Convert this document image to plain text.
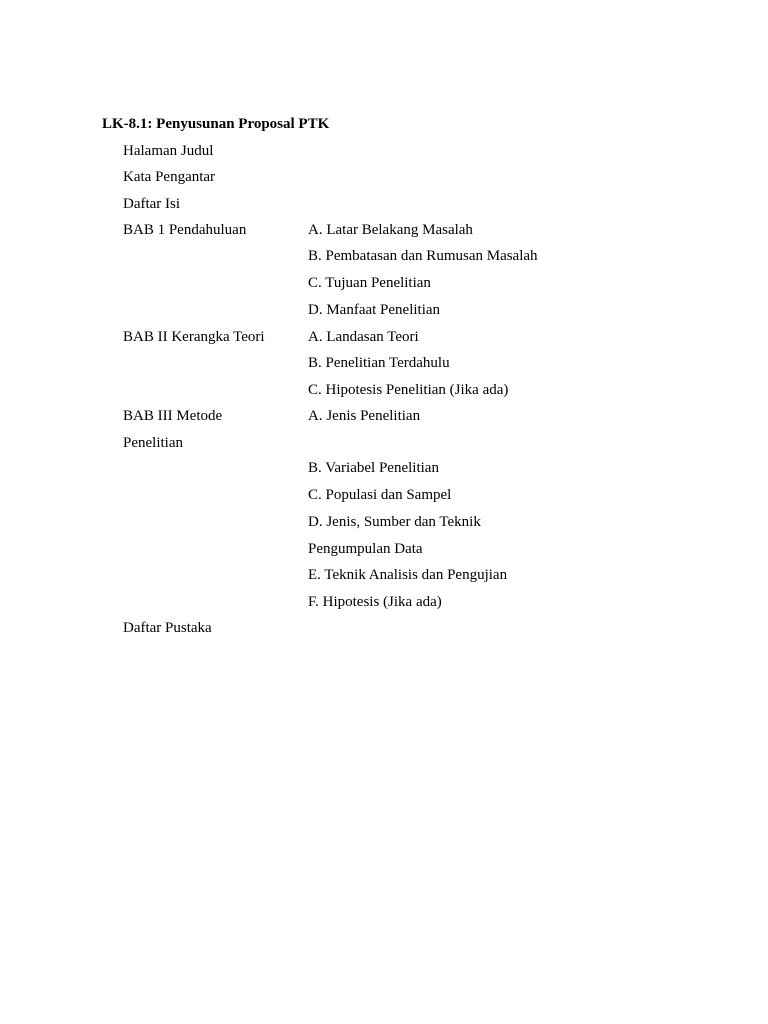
LK-8.1: Penyusunan Proposal PTK
Halaman Judul
Kata Pengantar
Daftar Isi
BAB 1 Pendahuluan	A. Latar Belakang Masalah
B. Pembatasan dan Rumusan Masalah
C. Tujuan Penelitian
D. Manfaat Penelitian
BAB II Kerangka Teori	A. Landasan Teori
B. Penelitian Terdahulu
C. Hipotesis Penelitian (Jika ada)
BAB III Metode	A. Jenis Penelitian
Penelitian
B. Variabel Penelitian
C. Populasi dan Sampel
D. Jenis, Sumber dan Teknik
Pengumpulan Data
E. Teknik Analisis dan Pengujian
F. Hipotesis (Jika ada)
Daftar Pustaka
